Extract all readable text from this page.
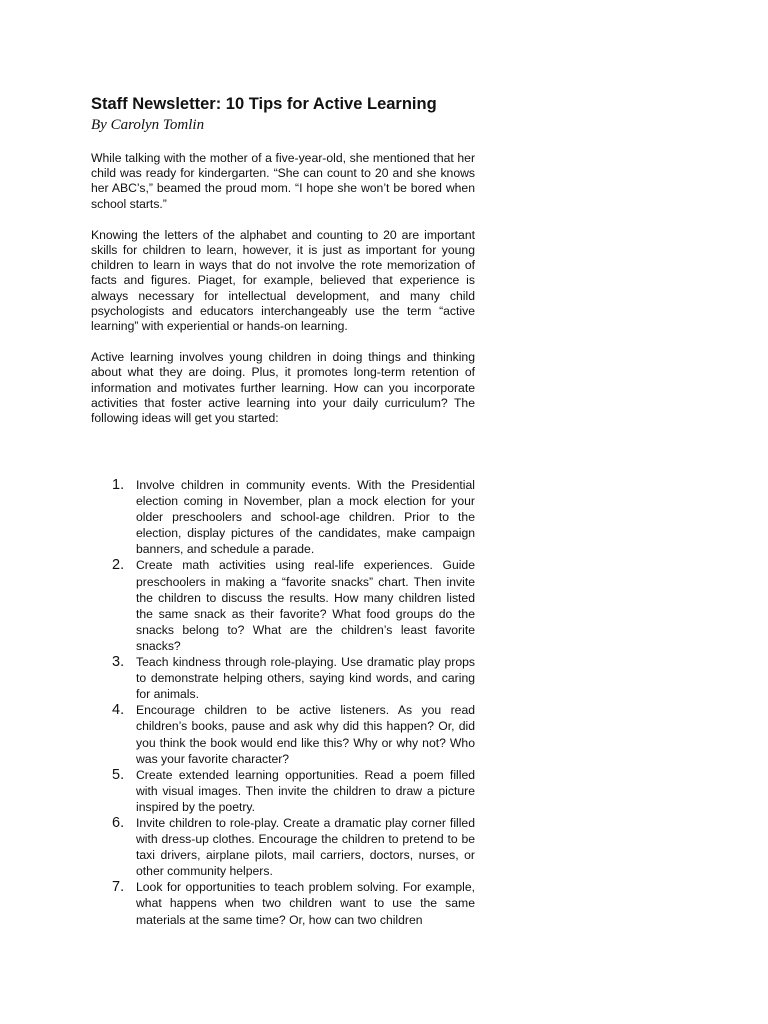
Staff Newsletter: 10 Tips for Active Learning

By Carolyn Tomlin

While talking with the mother of a five-year-old, she mentioned that her child was ready for kindergarten. “She can count to 20 and she knows her ABC’s,” beamed the proud mom. “I hope she won’t be bored when school starts.”

Knowing the letters of the alphabet and counting to 20 are important skills for children to learn, however, it is just as important for young children to learn in ways that do not involve the rote memorization of facts and figures. Piaget, for example, believed that experience is always necessary for intellectual development, and many child psychologists and educators interchangeably use the term “active learning” with experiential or hands-on learning.

Active learning involves young children in doing things and thinking about what they are doing. Plus, it promotes long-term retention of information and motivates further learning. How can you incorporate activities that foster active learning into your daily curriculum? The following ideas will get you started:

1. Involve children in community events. With the Presidential election coming in November, plan a mock election for your older preschoolers and school-age children. Prior to the election, display pictures of the candidates, make campaign banners, and schedule a parade.
2. Create math activities using real-life experiences. Guide preschoolers in making a “favorite snacks” chart. Then invite the children to discuss the results. How many children listed the same snack as their favorite? What food groups do the snacks belong to? What are the children’s least favorite snacks?
3. Teach kindness through role-playing. Use dramatic play props to demonstrate helping others, saying kind words, and caring for animals.
4. Encourage children to be active listeners. As you read children’s books, pause and ask why did this happen? Or, did you think the book would end like this? Why or why not? Who was your favorite character?
5. Create extended learning opportunities. Read a poem filled with visual images. Then invite the children to draw a picture inspired by the poetry.
6. Invite children to role-play. Create a dramatic play corner filled with dress-up clothes. Encourage the children to pretend to be taxi drivers, airplane pilots, mail carriers, doctors, nurses, or other community helpers.
7. Look for opportunities to teach problem solving. For example, what happens when two children want to use the same materials at the same time? Or, how can two children
